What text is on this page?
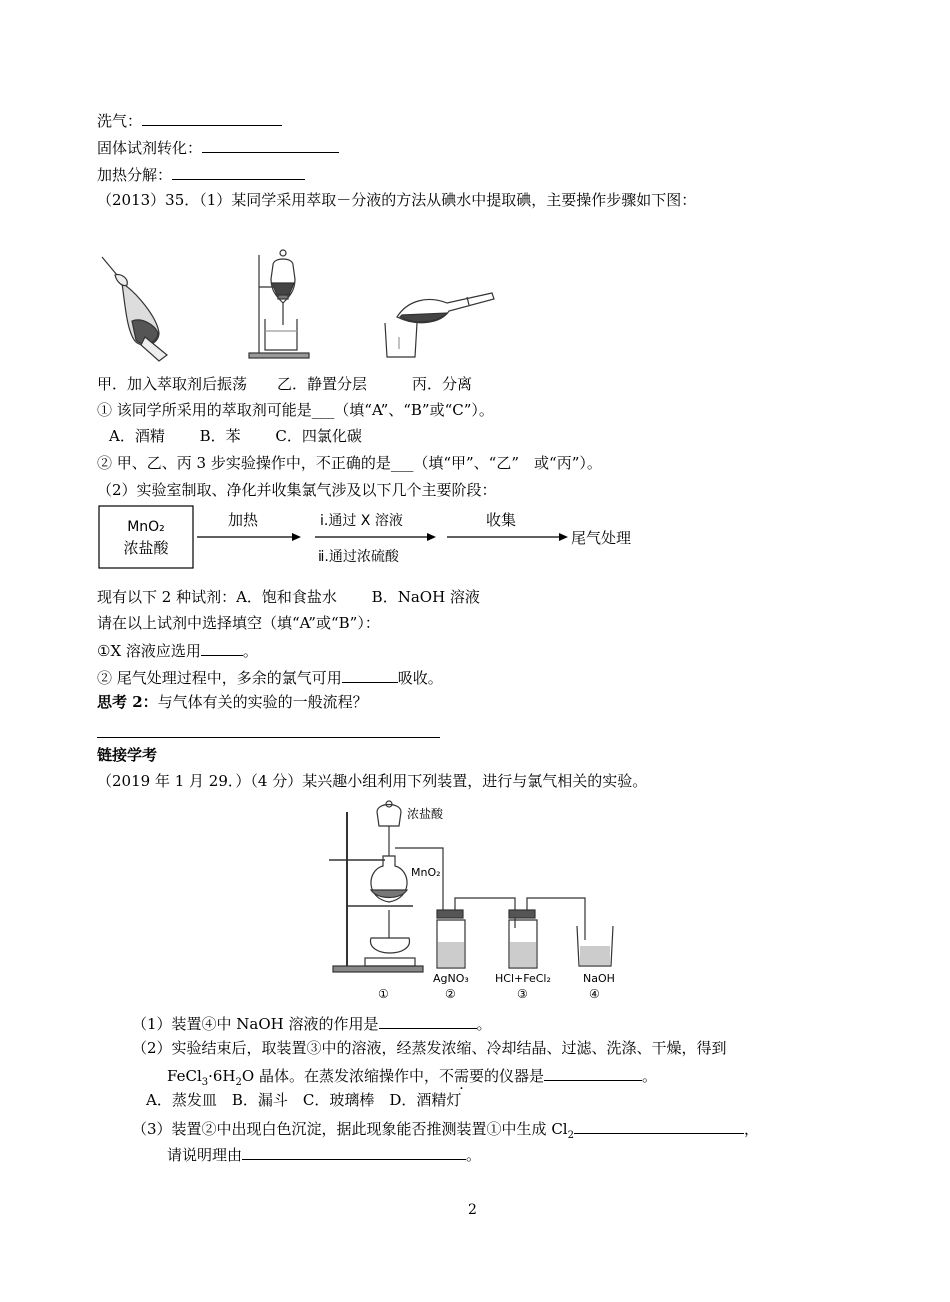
洗气：
固体试剂转化：
加热分解：
（2013）35．（1）某同学采用萃取－分液的方法从碘水中提取碘，主要操作步骤如下图：
甲．加入萃取剂后振荡　　乙．静置分层　　　丙．分离
① 该同学所采用的萃取剂可能是___（填“A”、“B”或“C”）。
A．酒精　　 B．苯　　 C．四氯化碳
② 甲、乙、丙 3 步实验操作中，不正确的是___（填“甲”、“乙”　或“丙”）。
（2）实验室制取、净化并收集氯气涉及以下几个主要阶段：
MnO₂
浓盐酸
加热	ⅰ.通过 X 溶液
ⅱ.通过浓硫酸
收集
尾气处理
现有以下 2 种试剂：A．饱和食盐水　　 B．NaOH 溶液
请在以上试剂中选择填空（填“A”或“B”）：
①X 溶液应选用	。
② 尾气处理过程中，多余的氯气可用	吸收。
思考 2：与气体有关的实验的一般流程？
链接学考
（2019 年 1 月 29．）（4 分）某兴趣小组利用下列装置，进行与氯气相关的实验。
浓盐酸
MnO₂
AgNO₃ HCl+FeCl₂	NaOH
①	②	③	④
（1）装置④中 NaOH 溶液的作用是	。
（2）实验结束后，取装置③中的溶液，经蒸发浓缩、冷却结晶、过滤、洗涤、干燥，得到
$FeCl_3\cdot 6H_2O$ 晶体。在蒸发浓缩操作中，不需要的仪器是	。
A．蒸发皿　B．漏斗　C．玻璃棒　D．酒精灯
（3）装置②中出现白色沉淀，据此现象能否推测装置①中生成 $Cl_2$	，
请说明理由	。
2
